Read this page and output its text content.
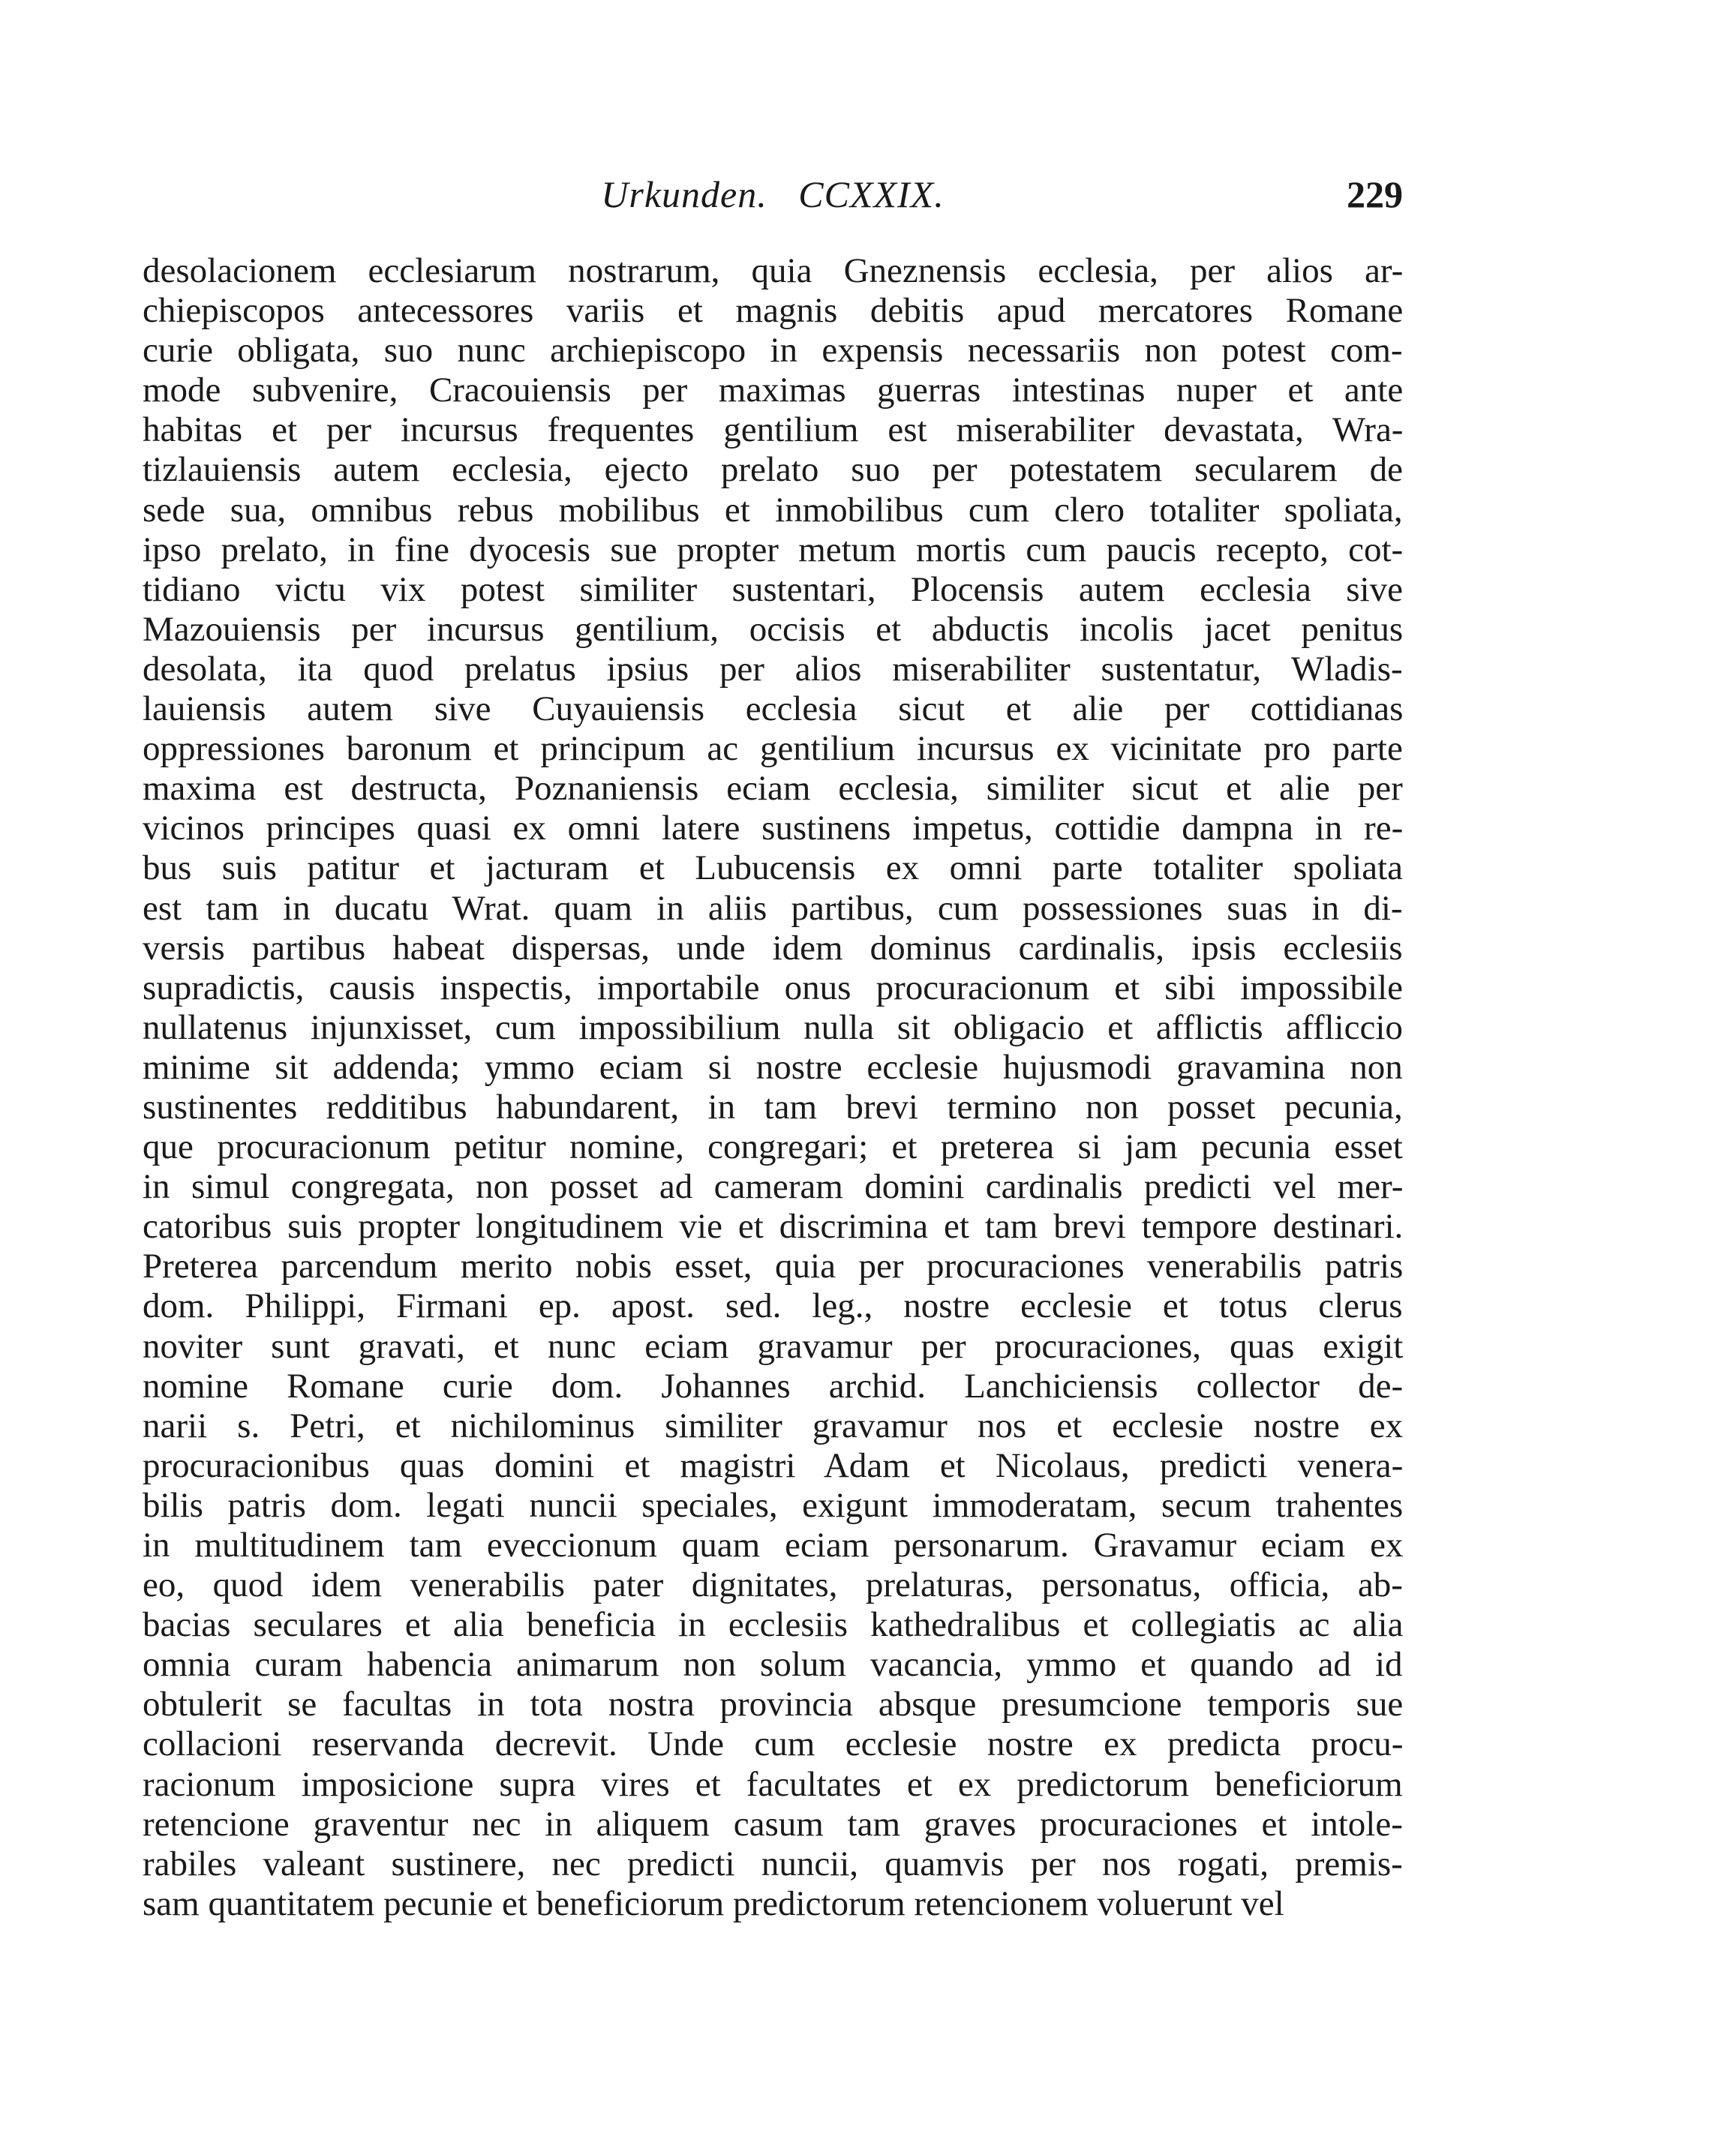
Urkunden. CCXXIX.	229
desolacionem ecclesiarum nostrarum, quia Gneznensis ecclesia, per alios ar-
chiepiscopos antecessores variis et magnis debitis apud mercatores Romane
curie obligata, suo nunc archiepiscopo in expensis necessariis non potest com-
mode subvenire, Cracouiensis per maximas guerras intestinas nuper et ante
habitas et per incursus frequentes gentilium est miserabiliter devastata, Wra-
tizlauiensis autem ecclesia, ejecto prelato suo per potestatem secularem de
sede sua, omnibus rebus mobilibus et inmobilibus cum clero totaliter spoliata,
ipso prelato, in fine dyocesis sue propter metum mortis cum paucis recepto, cot-
tidiano victu vix potest similiter sustentari, Plocensis autem ecclesia sive
Mazouiensis per incursus gentilium, occisis et abductis incolis jacet penitus
desolata, ita quod prelatus ipsius per alios miserabiliter sustentatur, Wladis-
lauiensis autem sive Cuyauiensis ecclesia sicut et alie per cottidianas
oppressiones baronum et principum ac gentilium incursus ex vicinitate pro parte
maxima est destructa, Poznaniensis eciam ecclesia, similiter sicut et alie per
vicinos principes quasi ex omni latere sustinens impetus, cottidie dampna in re-
bus suis patitur et jacturam et Lubucensis ex omni parte totaliter spoliata
est tam in ducatu Wrat. quam in aliis partibus, cum possessiones suas in di-
versis partibus habeat dispersas, unde idem dominus cardinalis, ipsis ecclesiis
supradictis, causis inspectis, importabile onus procuracionum et sibi impossibile
nullatenus injunxisset, cum impossibilium nulla sit obligacio et afflictis affliccio
minime sit addenda; ymmo eciam si nostre ecclesie hujusmodi gravamina non
sustinentes redditibus habundarent, in tam brevi termino non posset pecunia,
que procuracionum petitur nomine, congregari; et preterea si jam pecunia esset
in simul congregata, non posset ad cameram domini cardinalis predicti vel mer-
catoribus suis propter longitudinem vie et discrimina et tam brevi tempore destinari.
Preterea parcendum merito nobis esset, quia per procuraciones venerabilis patris
dom. Philippi, Firmani ep. apost. sed. leg., nostre ecclesie et totus clerus
noviter sunt gravati, et nunc eciam gravamur per procuraciones, quas exigit
nomine Romane curie dom. Johannes archid. Lanchiciensis collector de-
narii s. Petri, et nichilominus similiter gravamur nos et ecclesie nostre ex
procuracionibus quas domini et magistri Adam et Nicolaus, predicti venera-
bilis patris dom. legati nuncii speciales, exigunt immoderatam, secum trahentes
in multitudinem tam eveccionum quam eciam personarum. Gravamur eciam ex
eo, quod idem venerabilis pater dignitates, prelaturas, personatus, officia, ab-
bacias seculares et alia beneficia in ecclesiis kathedralibus et collegiatis ac alia
omnia curam habencia animarum non solum vacancia, ymmo et quando ad id
obtulerit se facultas in tota nostra provincia absque presumcione temporis sue
collacioni reservanda decrevit. Unde cum ecclesie nostre ex predicta procu-
racionum imposicione supra vires et facultates et ex predictorum beneficiorum
retencione graventur nec in aliquem casum tam graves procuraciones et intole-
rabiles valeant sustinere, nec predicti nuncii, quamvis per nos rogati, premis-
sam quantitatem pecunie et beneficiorum predictorum retencionem voluerunt vel
